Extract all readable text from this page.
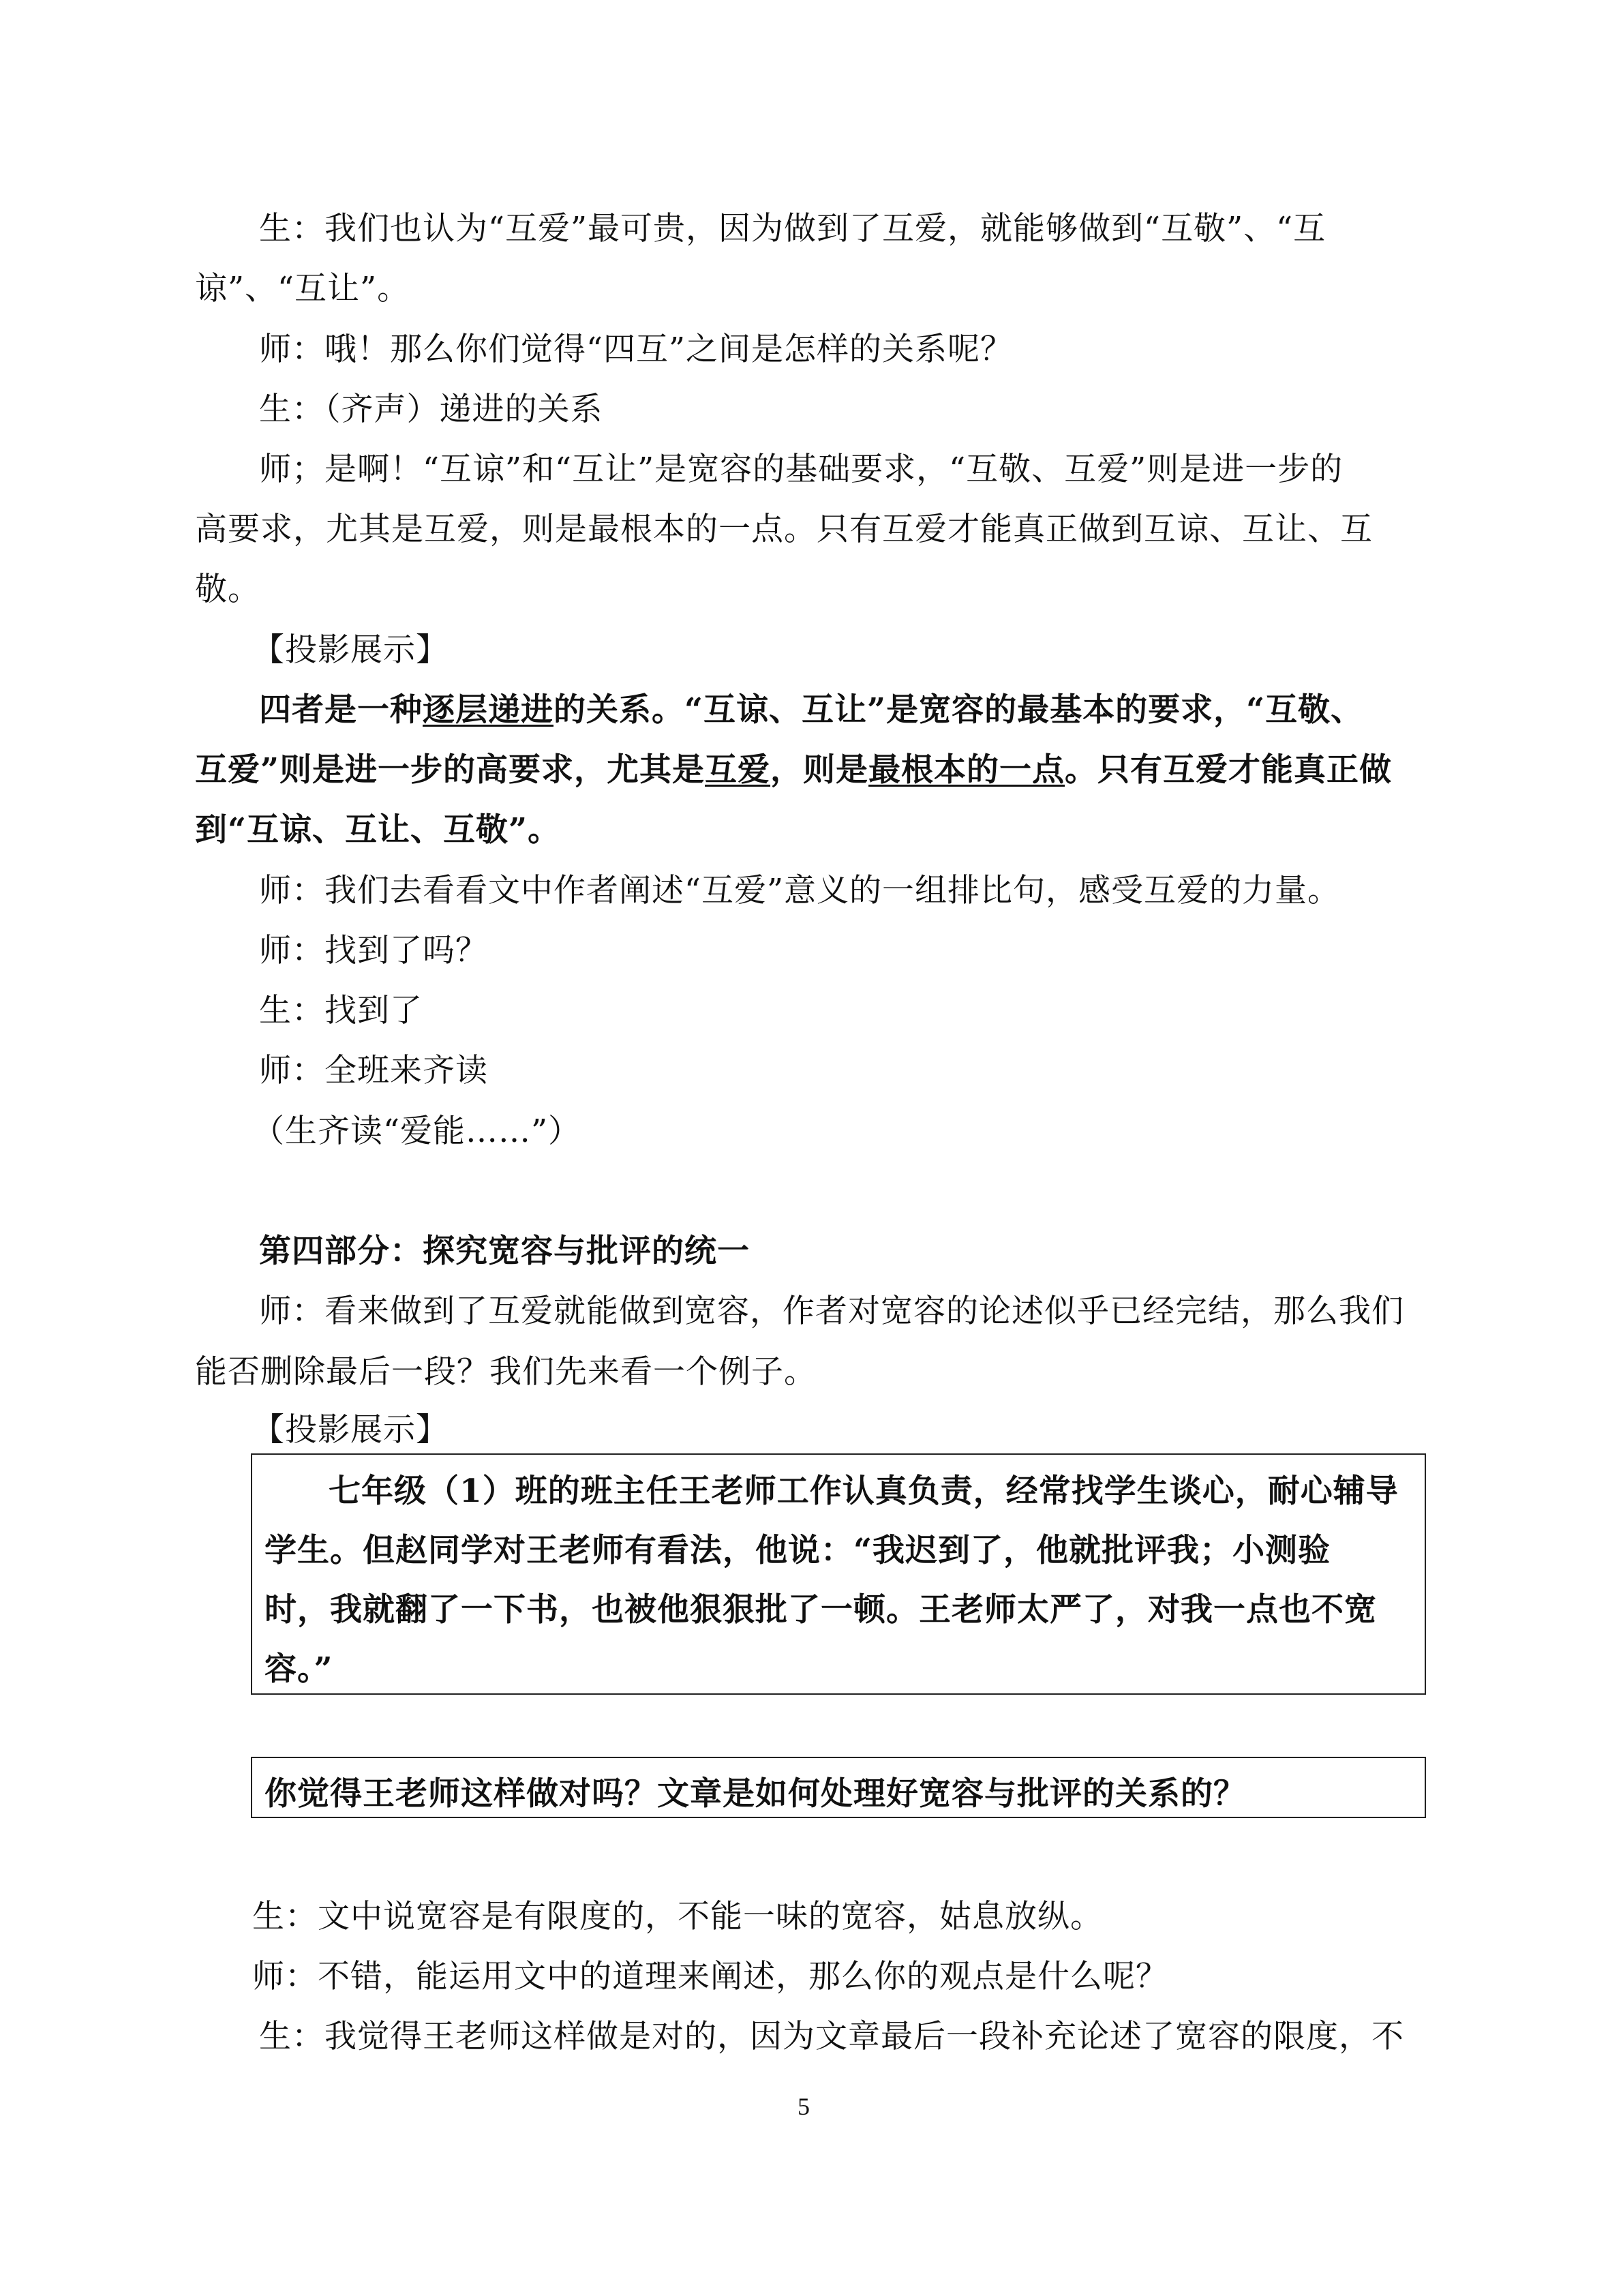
生：我们也认为“互爱”最可贵，因为做到了互爱，就能够做到“互敬”、“互
谅”、“互让”。
师：哦！那么你们觉得“四互”之间是怎样的关系呢？
生：（齐声）递进的关系
师；是啊！“互谅”和“互让”是宽容的基础要求，“互敬、互爱”则是进一步的
高要求，尤其是互爱，则是最根本的一点。只有互爱才能真正做到互谅、互让、互
敬。
【投影展示】
四者是一种逐层递进的关系。“互谅、互让”是宽容的最基本的要求，“互敬、
互爱”则是进一步的高要求，尤其是互爱，则是最根本的一点。只有互爱才能真正做
到“互谅、互让、互敬”。
师：我们去看看文中作者阐述“互爱”意义的一组排比句，感受互爱的力量。
师：找到了吗？
生：找到了
师：全班来齐读
（生齐读“爱能……”）
第四部分：探究宽容与批评的统一
师：看来做到了互爱就能做到宽容，作者对宽容的论述似乎已经完结，那么我们
能否删除最后一段？我们先来看一个例子。
【投影展示】
七年级（1）班的班主任王老师工作认真负责，经常找学生谈心，耐心辅导
学生。但赵同学对王老师有看法，他说：“我迟到了，他就批评我；小测验
时，我就翻了一下书，也被他狠狠批了一顿。王老师太严了，对我一点也不宽
容。”
你觉得王老师这样做对吗？文章是如何处理好宽容与批评的关系的？
生：文中说宽容是有限度的，不能一味的宽容，姑息放纵。
师：不错，能运用文中的道理来阐述，那么你的观点是什么呢？
生：我觉得王老师这样做是对的，因为文章最后一段补充论述了宽容的限度，不
5
